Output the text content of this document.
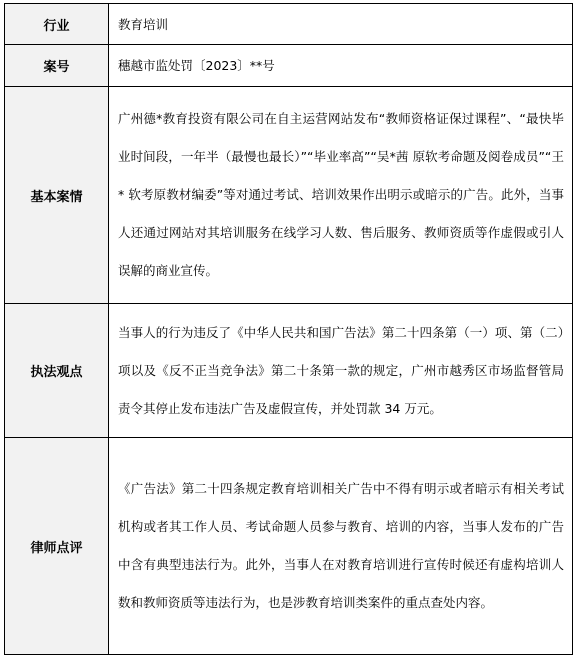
行业	教育培训
案号	穗越市监处罚〔2023〕**号
基本案情	广州德*教育投资有限公司在自主运营网站发布“教师资格证保过课程”、“最快毕业时间段，一年半（最慢也最长）”“毕业率高”“吴*茜 原软考命题及阅卷成员”“王* 软考原教材编委”等对通过考试、培训效果作出明示或暗示的广告。此外，当事人还通过网站对其培训服务在线学习人数、售后服务、教师资质等作虚假或引人误解的商业宣传。
执法观点	当事人的行为违反了《中华人民共和国广告法》第二十四条第（一）项、第（二）项以及《反不正当竞争法》第二十条第一款的规定，广州市越秀区市场监督管局责令其停止发布违法广告及虚假宣传，并处罚款 34 万元。
律师点评	《广告法》第二十四条规定教育培训相关广告中不得有明示或者暗示有相关考试机构或者其工作人员、考试命题人员参与教育、培训的内容，当事人发布的广告中含有典型违法行为。此外，当事人在对教育培训进行宣传时候还有虚构培训人数和教师资质等违法行为，也是涉教育培训类案件的重点查处内容。
